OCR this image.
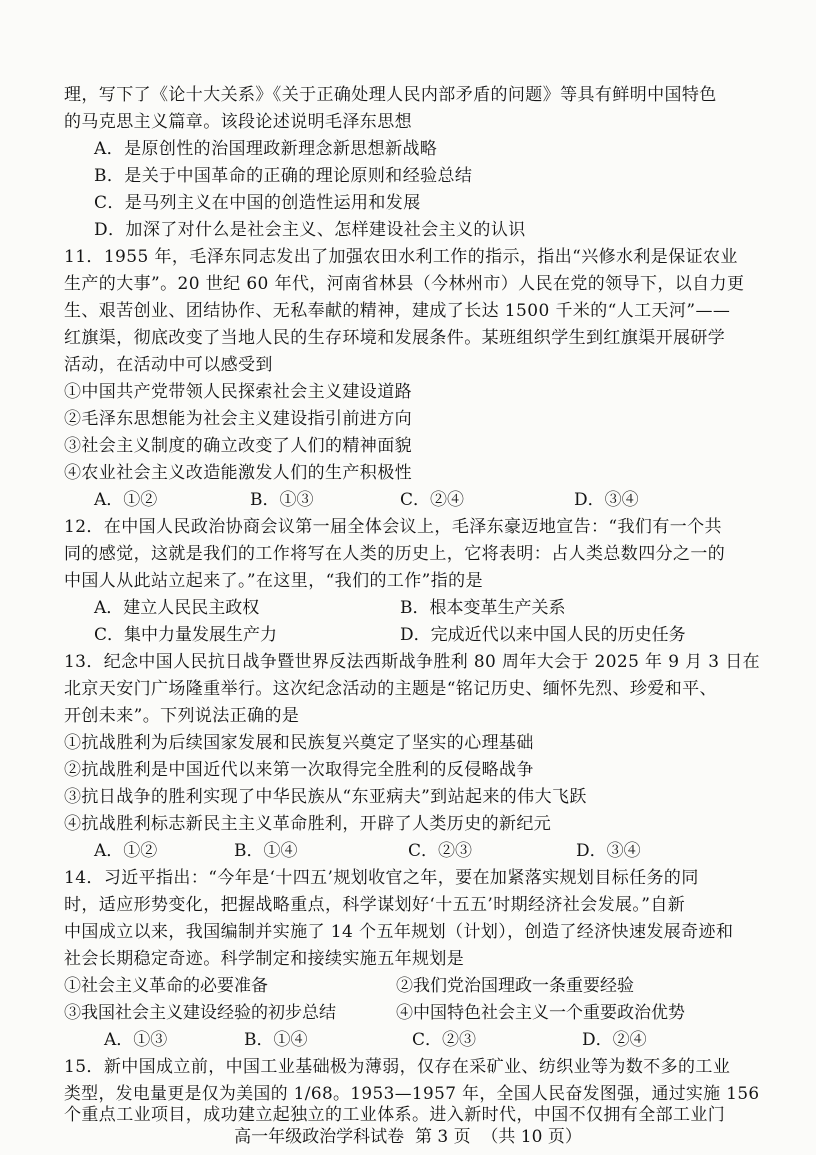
理，写下了《论十大关系》《关于正确处理人民内部矛盾的问题》等具有鲜明中国特色
的马克思主义篇章。该段论述说明毛泽东思想
A．是原创性的治国理政新理念新思想新战略
B．是关于中国革命的正确的理论原则和经验总结
C．是马列主义在中国的创造性运用和发展
D．加深了对什么是社会主义、怎样建设社会主义的认识
11．1955 年，毛泽东同志发出了加强农田水利工作的指示，指出“兴修水利是保证农业
生产的大事”。20 世纪 60 年代，河南省林县（今林州市）人民在党的领导下，以自力更
生、艰苦创业、团结协作、无私奉献的精神，建成了长达 1500 千米的“人工天河”——
红旗渠，彻底改变了当地人民的生存环境和发展条件。某班组织学生到红旗渠开展研学
活动，在活动中可以感受到
①中国共产党带领人民探索社会主义建设道路
②毛泽东思想能为社会主义建设指引前进方向
③社会主义制度的确立改变了人们的精神面貌
④农业社会主义改造能激发人们的生产积极性
A．①②	B．①③	C．②④	D．③④
12．在中国人民政治协商会议第一届全体会议上，毛泽东豪迈地宣告：“我们有一个共
同的感觉，这就是我们的工作将写在人类的历史上，它将表明：占人类总数四分之一的
中国人从此站立起来了。”在这里，“我们的工作”指的是
A．建立人民民主政权	B．根本变革生产关系
C．集中力量发展生产力	D．完成近代以来中国人民的历史任务
13．纪念中国人民抗日战争暨世界反法西斯战争胜利 80 周年大会于 2025 年 9 月 3 日在
北京天安门广场隆重举行。这次纪念活动的主题是“铭记历史、缅怀先烈、珍爱和平、
开创未来”。下列说法正确的是
①抗战胜利为后续国家发展和民族复兴奠定了坚实的心理基础
②抗战胜利是中国近代以来第一次取得完全胜利的反侵略战争
③抗日战争的胜利实现了中华民族从“东亚病夫”到站起来的伟大飞跃
④抗战胜利标志新民主主义革命胜利，开辟了人类历史的新纪元
A．①②	B．①④	C．②③	D．③④
14．习近平指出：“今年是‘十四五’规划收官之年，要在加紧落实规划目标任务的同
时，适应形势变化，把握战略重点，科学谋划好‘十五五’时期经济社会发展。”自新
中国成立以来，我国编制并实施了 14 个五年规划（计划），创造了经济快速发展奇迹和
社会长期稳定奇迹。科学制定和接续实施五年规划是
①社会主义革命的必要准备	②我们党治国理政一条重要经验
③我国社会主义建设经验的初步总结	④中国特色社会主义一个重要政治优势
A．①③	B．①④	C．②③	D．②④
15．新中国成立前，中国工业基础极为薄弱，仅存在采矿业、纺织业等为数不多的工业
类型，发电量更是仅为美国的 1/68。1953—1957 年，全国人民奋发图强，通过实施 156
个重点工业项目，成功建立起独立的工业体系。进入新时代，中国不仅拥有全部工业门
高一年级政治学科试卷  第 3 页  （共 10 页）
